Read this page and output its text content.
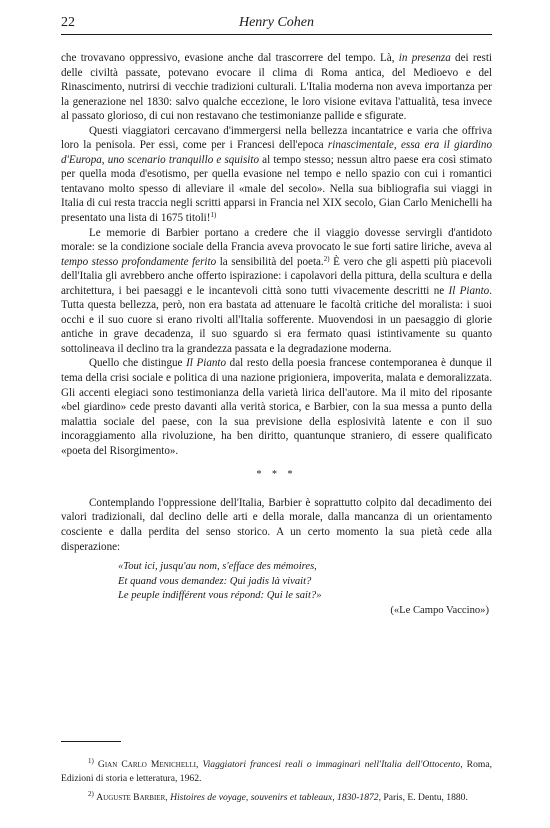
22	Henry Cohen

che trovavano oppressivo, evasione anche dal trascorrere del tempo. Là, in presenza dei resti delle civiltà passate, potevano evocare il clima di Roma antica, del Medioevo e del Rinascimento, nutrirsi di vecchie tradizioni culturali. L'Italia moderna non aveva importanza per la generazione nel 1830: salvo qualche eccezione, le loro visione evitava l'attualità, tesa invece al passato glorioso, di cui non restavano che testimonianze pallide e sfigurate.

Questi viaggiatori cercavano d'immergersi nella bellezza incantatrice e varia che offriva loro la penisola. Per essi, come per i Francesi dell'epoca rinascimentale, essa era il giardino d'Europa, uno scenario tranquillo e squisito al tempo stesso; nessun altro paese era così stimato per quella moda d'esotismo, per quella evasione nel tempo e nello spazio con cui i romantici tentavano molto spesso di alleviare il «male del secolo». Nella sua bibliografia sui viaggi in Italia di cui resta traccia negli scritti apparsi in Francia nel XIX secolo, Gian Carlo Menichelli ha presentato una lista di 1675 titoli!$^{1)}$

Le memorie di Barbier portano a credere che il viaggio dovesse servirgli d'antidoto morale: se la condizione sociale della Francia aveva provocato le sue forti satire liriche, aveva al tempo stesso profondamente ferito la sensibilità del poeta.$^{2)}$ È vero che gli aspetti più piacevoli dell'Italia gli avrebbero anche offerto ispirazione: i capolavori della pittura, della scultura e della architettura, i bei paesaggi e le incantevoli città sono tutti vivacemente descritti ne Il Pianto. Tutta questa bellezza, però, non era bastata ad attenuare le facoltà critiche del moralista: i suoi occhi e il suo cuore si erano rivolti all'Italia sofferente. Muovendosi in un paesaggio di glorie antiche in grave decadenza, il suo sguardo si era fermato quasi istintivamente su quanto sottolineava il declino tra la grandezza passata e la degradazione moderna.

Quello che distingue Il Pianto dal resto della poesia francese contemporanea è dunque il tema della crisi sociale e politica di una nazione prigioniera, impoverita, malata e demoralizzata. Gli accenti elegiaci sono testimonianza della varietà lirica dell'autore. Ma il mito del riposante «bel giardino» cede presto davanti alla verità storica, e Barbier, con la sua messa a punto della malattia sociale del paese, con la sua previsione della esplosività latente e con il suo incoraggiamento alla rivoluzione, ha ben diritto, quantunque straniero, di essere qualificato «poeta del Risorgimento».

* * *

Contemplando l'oppressione dell'Italia, Barbier è soprattutto colpito dal decadimento dei valori tradizionali, dal declino delle arti e della morale, dalla mancanza di un orientamento cosciente e dalla perdita del senso storico. A un certo momento la sua pietà cede alla disperazione:

«Tout ici, jusqu'au nom, s'efface des mémoires,
Et quand vous demandez: Qui jadis là vivait?
Le peuple indifférent vous répond: Qui le sait?»
(«Le Campo Vaccino»)

$^{1)}$ Gian Carlo Menichelli, Viaggiatori francesi reali o immaginari nell'Italia dell'Ottocento, Roma, Edizioni di storia e letteratura, 1962.

$^{2)}$ Auguste Barbier, Histoires de voyage, souvenirs et tableaux, 1830-1872, Paris, E. Dentu, 1880.
